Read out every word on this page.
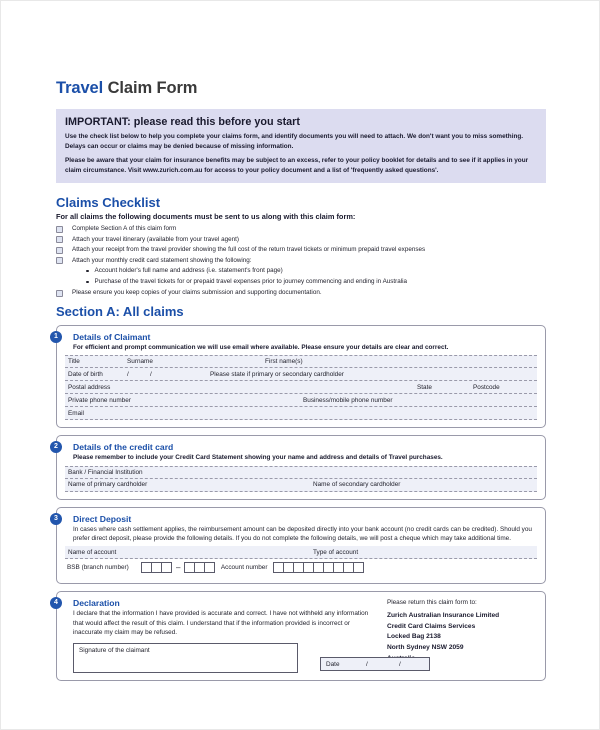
Travel Claim Form
IMPORTANT: please read this before you start
Use the check list below to help you complete your claims form, and identify documents you will need to attach. We don't want you to miss something. Delays can occur or claims may be denied because of missing information.
Please be aware that your claim for insurance benefits may be subject to an excess, refer to your policy booklet for details and to see if it applies in your claim circumstance. Visit www.zurich.com.au for access to your policy document and a list of 'frequently asked questions'.
Claims Checklist
For all claims the following documents must be sent to us along with this claim form:
Complete Section A of this claim form
Attach your travel itinerary (available from your travel agent)
Attach your receipt from the travel provider showing the full cost of the return travel tickets or minimum prepaid travel expenses
Attach your monthly credit card statement showing the following:
Account holder's full name and address (i.e. statement's front page)
Purchase of the travel tickets for or prepaid travel expenses prior to journey commencing and ending in Australia
Please ensure you keep copies of your claims submission and supporting documentation.
Section A: All claims
1	Details of Claimant
For efficient and prompt communication we will use email where available. Please ensure your details are clear and correct.
Title	Surname	First name(s)
Date of birth	/	/	Please state if primary or secondary cardholder
Postal address	State	Postcode
Private phone number	Business/mobile phone number
Email
2	Details of the credit card
Please remember to include your Credit Card Statement showing your name and address and details of Travel purchases.
Bank / Financial Institution
Name of primary cardholder	Name of secondary cardholder
3	Direct Deposit
In cases where cash settlement applies, the reimbursement amount can be deposited directly into your bank account (no credit cards can be credited). Should you prefer direct deposit, please provide the following details. If you do not complete the following details, we will post a cheque which may take additional time.
Name of account	Type of account
BSB (branch number)	–	Account number
4	Declaration
I declare that the information I have provided is accurate and correct. I have not withheld any information that would affect the result of this claim. I understand that if the information provided is incorrect or inaccurate my claim may be refused.
Signature of the claimant
Please return this claim form to:
Zurich Australian Insurance Limited
Credit Card Claims Services
Locked Bag 2138
North Sydney NSW 2059
Date	/	/
